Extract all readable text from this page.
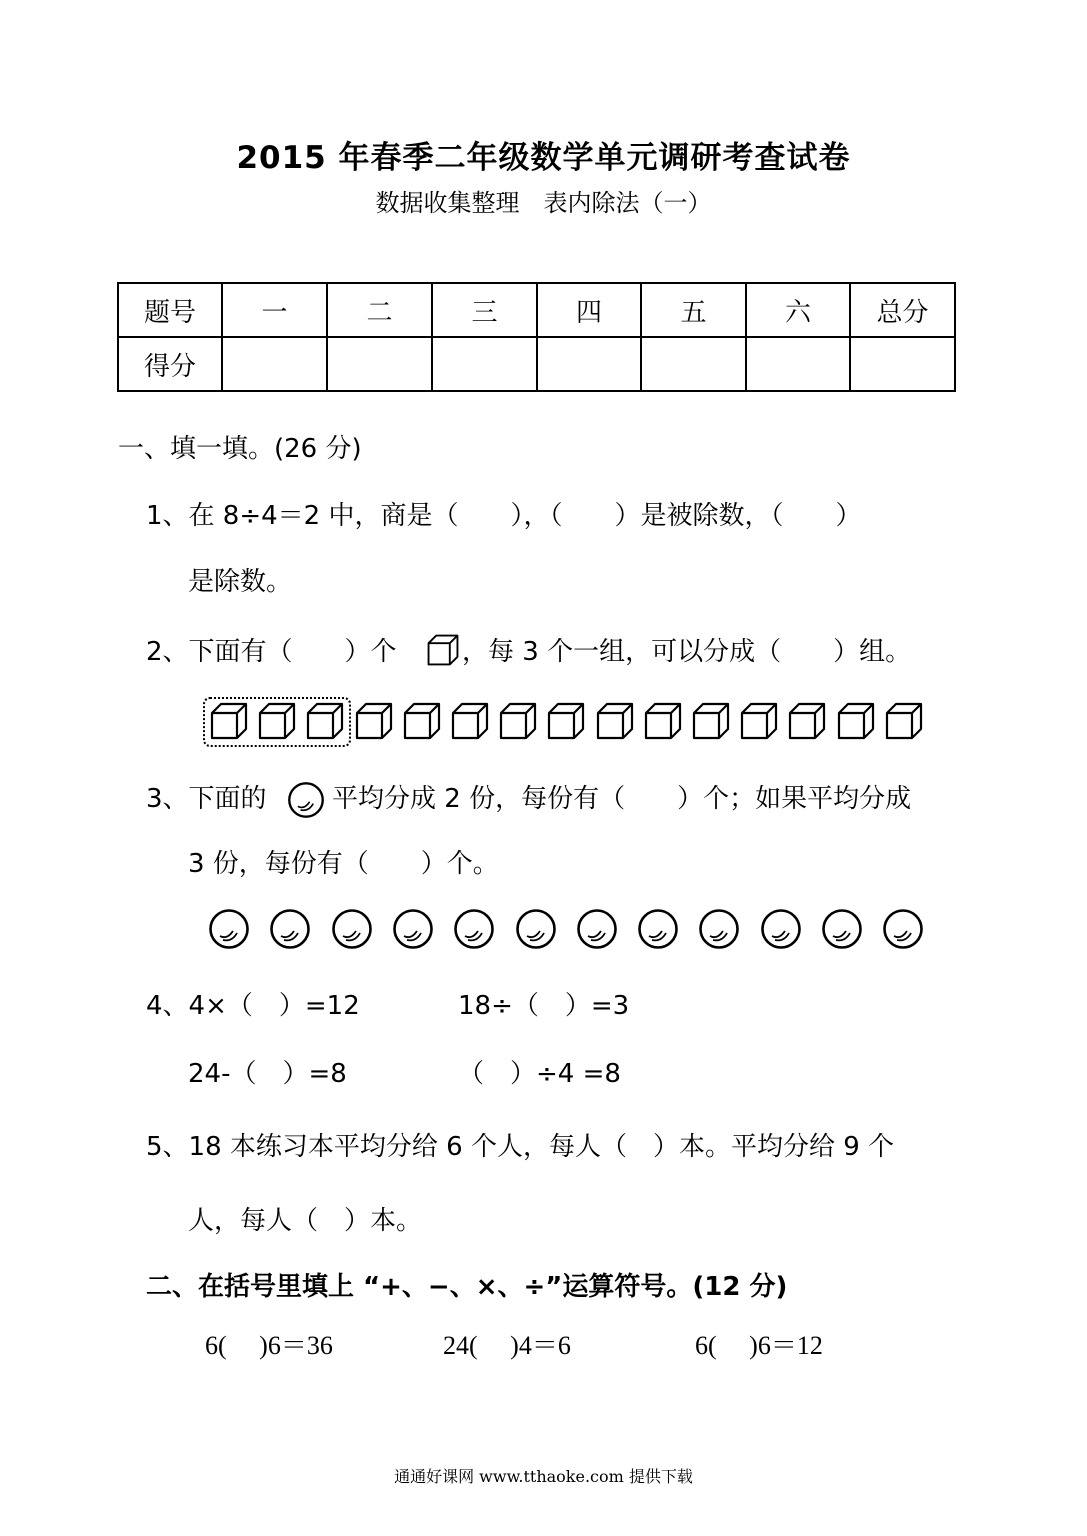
2015 年春季二年级数学单元调研考查试卷
数据收集整理　表内除法（一）
题号	一	二	三	四	五	六	总分
得分							
一、填一填。(26 分)
1、在 8÷4＝2 中，商是（　　），（　　）是被除数，（　　）
是除数。
2、下面有（　　）个	，每 3 个一组，可以分成（　　）组。
3、下面的	平均分成 2 份，每份有（　　）个；如果平均分成
3 份，每份有（　　）个。
4、4×（　）=12	18÷（　）=3
24-（　）=8	（　）÷4 =8
5、18 本练习本平均分给 6 个人，每人（　）本。平均分给 9 个
人，每人（　）本。
二、在括号里填上 “+、−、×、÷”运算符号。(12 分)
6(　 )6＝36	24(　 )4＝6	6(　 )6＝12
通通好课网 www.tthaoke.com 提供下载
